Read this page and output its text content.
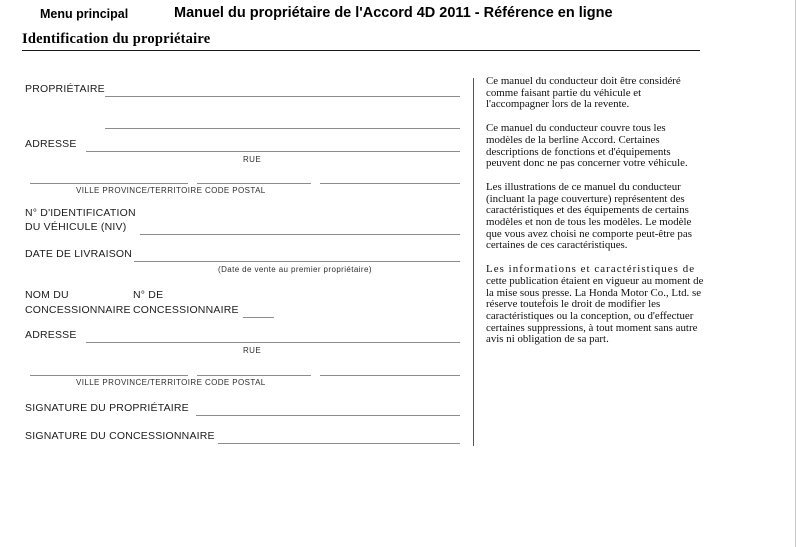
Menu principal	Manuel du propriétaire de l'Accord 4D 2011 - Référence en ligne
Identification du propriétaire
PROPRIÉTAIRE
ADRESSE
RUE
VILLE PROVINCE/TERRITOIRE CODE POSTAL
N° D'IDENTIFICATION
DU VÉHICULE (NIV)
DATE DE LIVRAISON
(Date de vente au premier propriétaire)
NOM DU	N° DE
CONCESSIONNAIRE CONCESSIONNAIRE
ADRESSE
RUE
VILLE PROVINCE/TERRITOIRE CODE POSTAL
SIGNATURE DU PROPRIÉTAIRE
SIGNATURE DU CONCESSIONNAIRE

Ce manuel du conducteur doit être considéré comme faisant partie du véhicule et l'accompagner lors de la revente.

Ce manuel du conducteur couvre tous les modèles de la berline Accord. Certaines descriptions de fonctions et d'équipements peuvent donc ne pas concerner votre véhicule.

Les illustrations de ce manuel du conducteur (incluant la page couverture) représentent des caractéristiques et des équipements de certains modèles et non de tous les modèles. Le modèle que vous avez choisi ne comporte peut-être pas certaines de ces caractéristiques.

Les informations et caractéristiques de
cette publication étaient en vigueur au moment de la mise sous presse. La Honda Motor Co., Ltd. se réserve toutefois le droit de modifier les caractéristiques ou la conception, ou d'effectuer certaines suppressions, à tout moment sans autre avis ni obligation de sa part.
